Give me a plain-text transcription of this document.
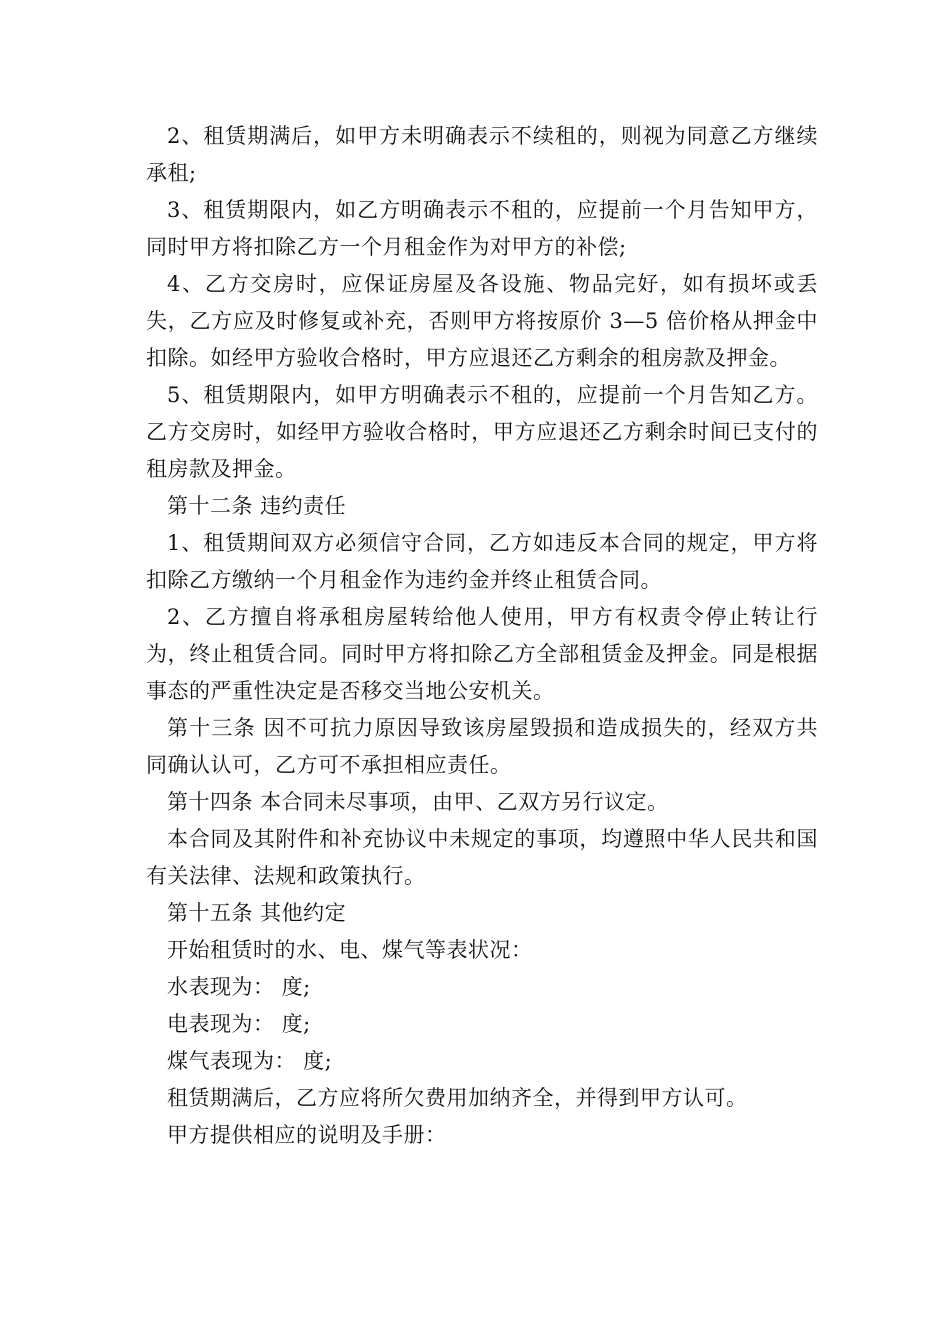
2、租赁期满后，如甲方未明确表示不续租的，则视为同意乙方继续承租;

3、租赁期限内，如乙方明确表示不租的，应提前一个月告知甲方，同时甲方将扣除乙方一个月租金作为对甲方的补偿;

4、乙方交房时，应保证房屋及各设施、物品完好，如有损坏或丢失，乙方应及时修复或补充，否则甲方将按原价 3—5 倍价格从押金中扣除。如经甲方验收合格时，甲方应退还乙方剩余的租房款及押金。

5、租赁期限内，如甲方明确表示不租的，应提前一个月告知乙方。乙方交房时，如经甲方验收合格时，甲方应退还乙方剩余时间已支付的租房款及押金。

第十二条 违约责任

1、租赁期间双方必须信守合同，乙方如违反本合同的规定，甲方将扣除乙方缴纳一个月租金作为违约金并终止租赁合同。

2、乙方擅自将承租房屋转给他人使用，甲方有权责令停止转让行为，终止租赁合同。同时甲方将扣除乙方全部租赁金及押金。同是根据事态的严重性决定是否移交当地公安机关。

第十三条 因不可抗力原因导致该房屋毁损和造成损失的，经双方共同确认认可，乙方可不承担相应责任。

第十四条 本合同未尽事项，由甲、乙双方另行议定。

本合同及其附件和补充协议中未规定的事项，均遵照中华人民共和国有关法律、法规和政策执行。

第十五条 其他约定

开始租赁时的水、电、煤气等表状况：

水表现为： 度;

电表现为： 度;

煤气表现为： 度;

租赁期满后，乙方应将所欠费用加纳齐全，并得到甲方认可。

甲方提供相应的说明及手册：
